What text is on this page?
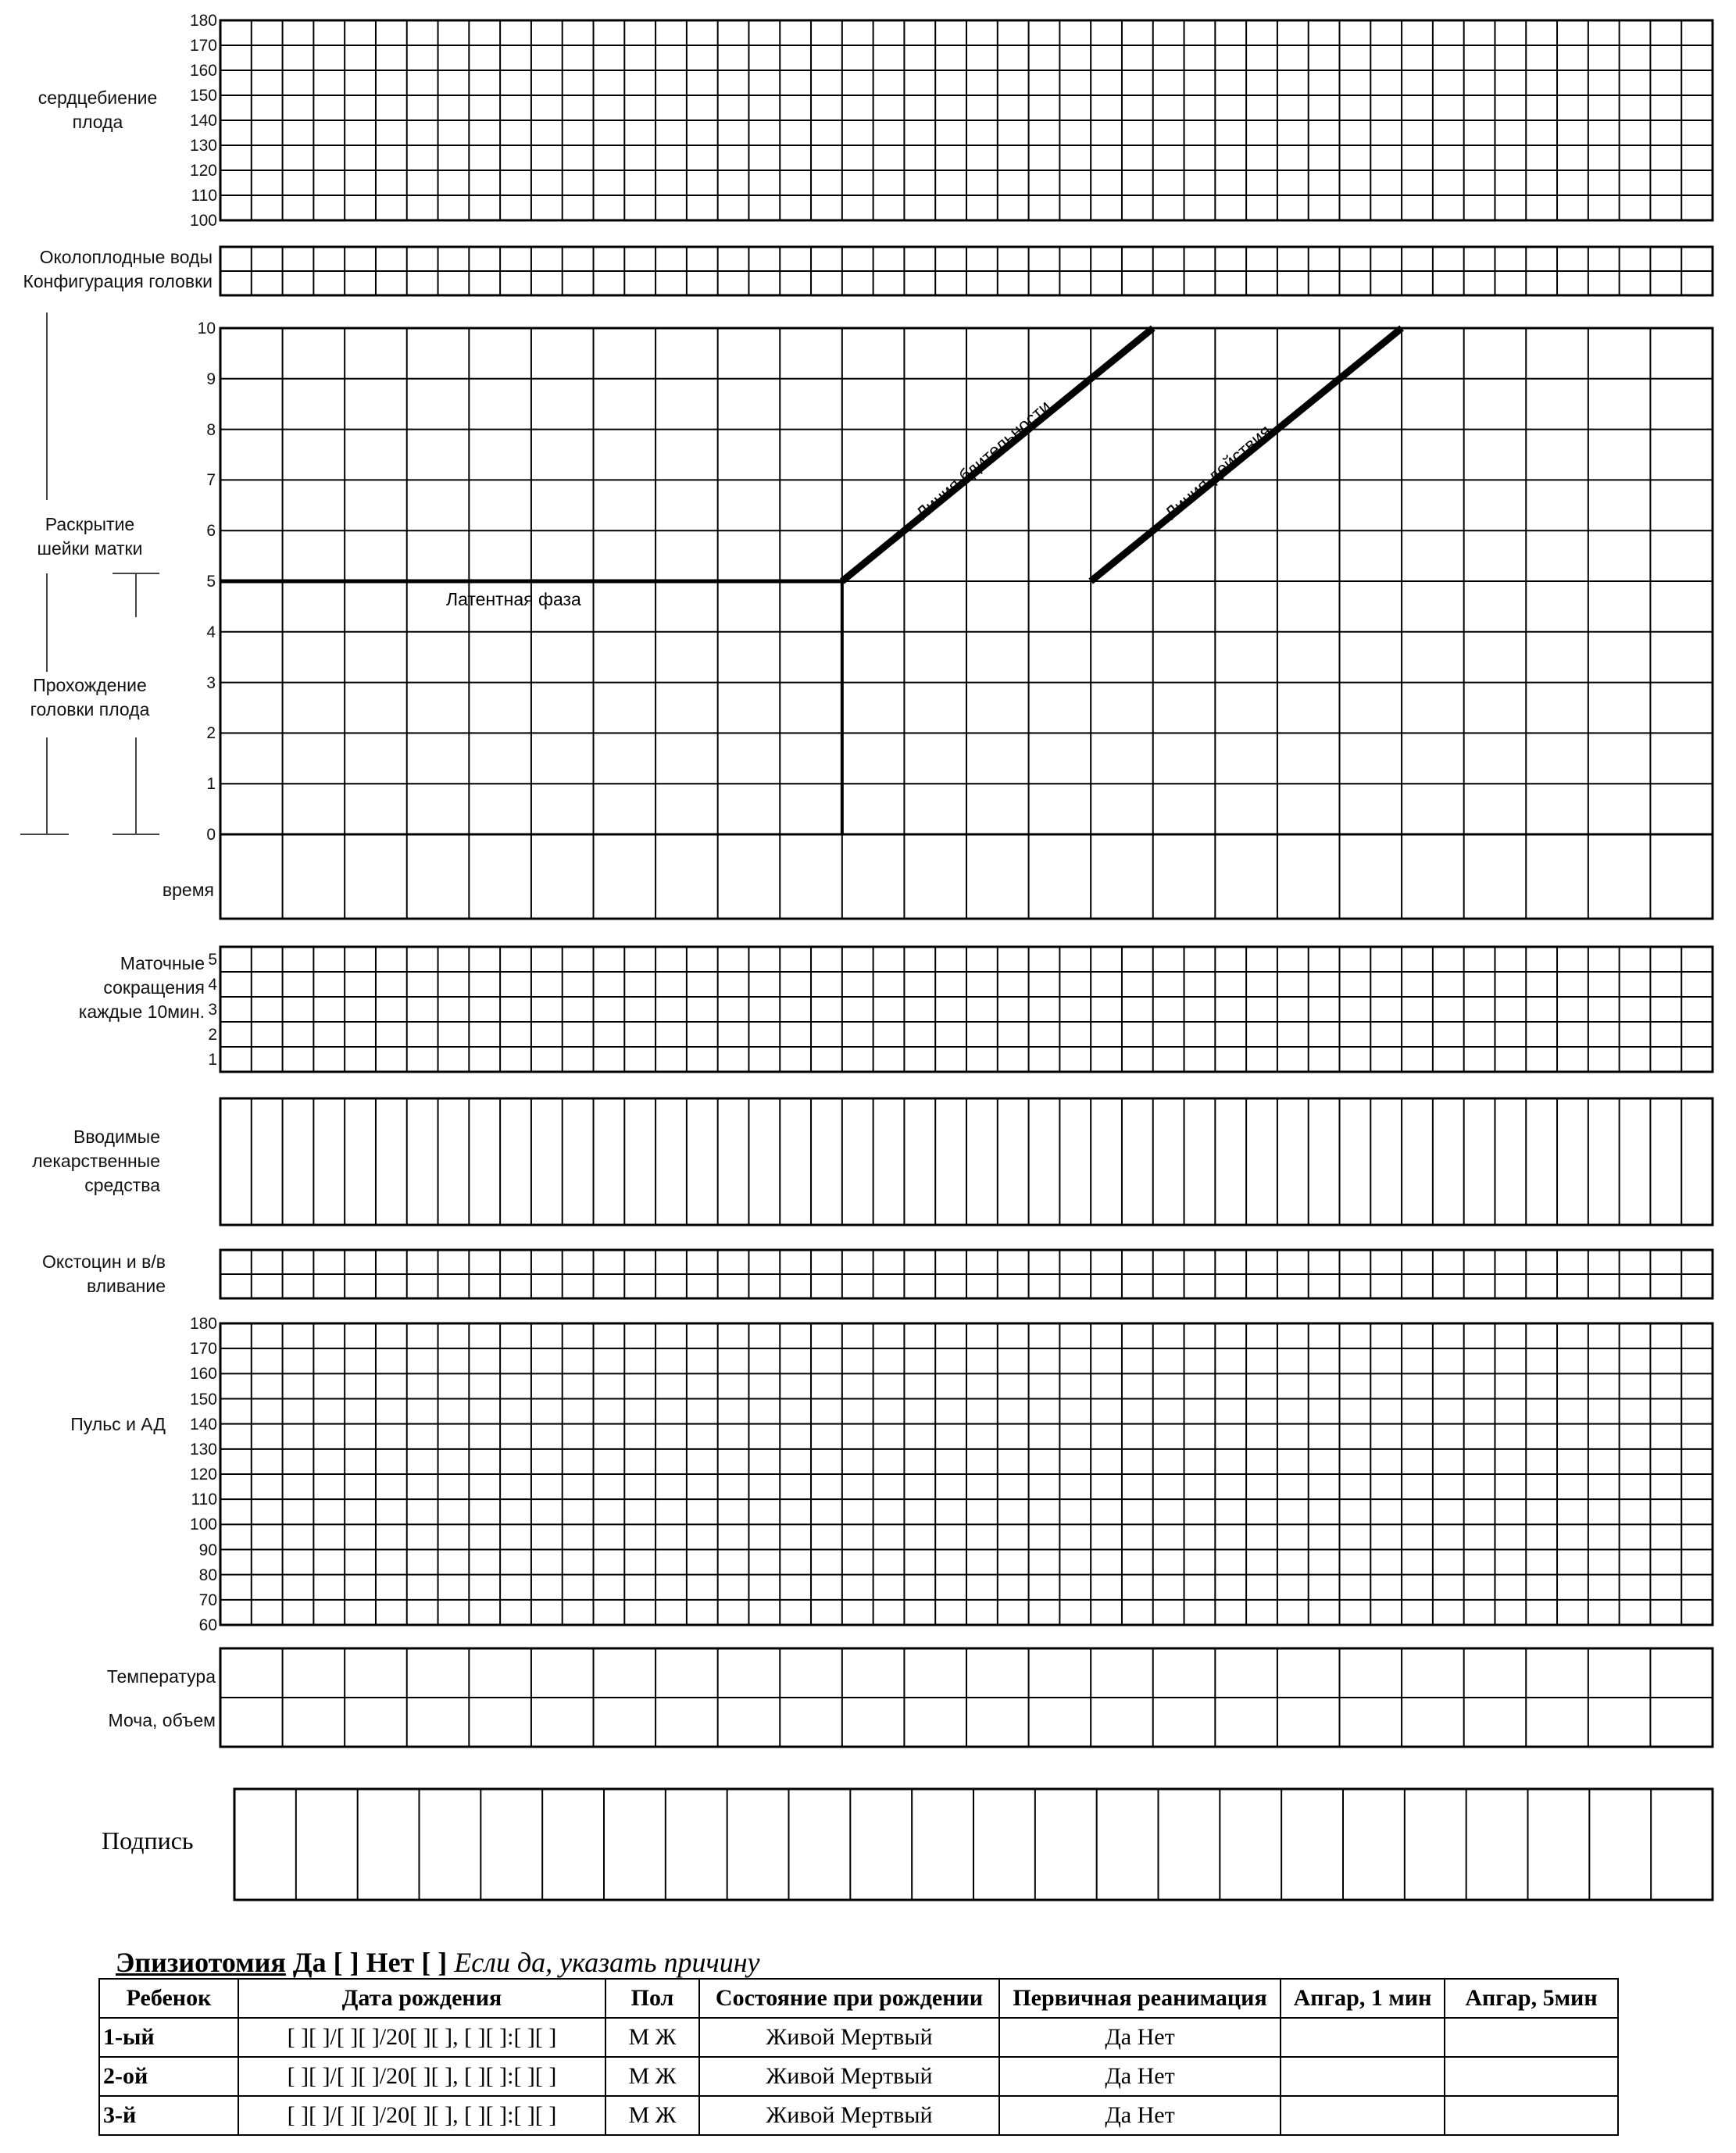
Линия бдительности	Линия действия
сердцебиение
плода
180
170
160
150
140
130
120
110
100
Околоплодные воды
Конфигурация головки
Раскрытие
шейки матки
Прохождение
головки плода
время
10
9
8
7
6
5
4
3
2
1
0
Латентная фаза
Маточные
сокращения
каждые 10мин.
5
4
3
2
1
Вводимые
лекарственные
средства
Окстоцин и в/в
вливание
Пульс и АД
180
170
160
150
140
130
120
110
100
90
80
70
60
Температура
Моча, объем
Подпись
Эпизиотомия Да [ ] Нет [ ] Если да, указать причину
Ребенок	Дата рождения	Пол	Состояние при рождении	Первичная реанимация	Апгар, 1 мин	Апгар, 5мин
1-ый	[ ][ ]/[ ][ ]/20[ ][ ], [ ][ ]:[ ][ ]	М Ж	Живой Мертвый	Да Нет		
2-ой	[ ][ ]/[ ][ ]/20[ ][ ], [ ][ ]:[ ][ ]	М Ж	Живой Мертвый	Да Нет		
3-й	[ ][ ]/[ ][ ]/20[ ][ ], [ ][ ]:[ ][ ]	М Ж	Живой Мертвый	Да Нет		
